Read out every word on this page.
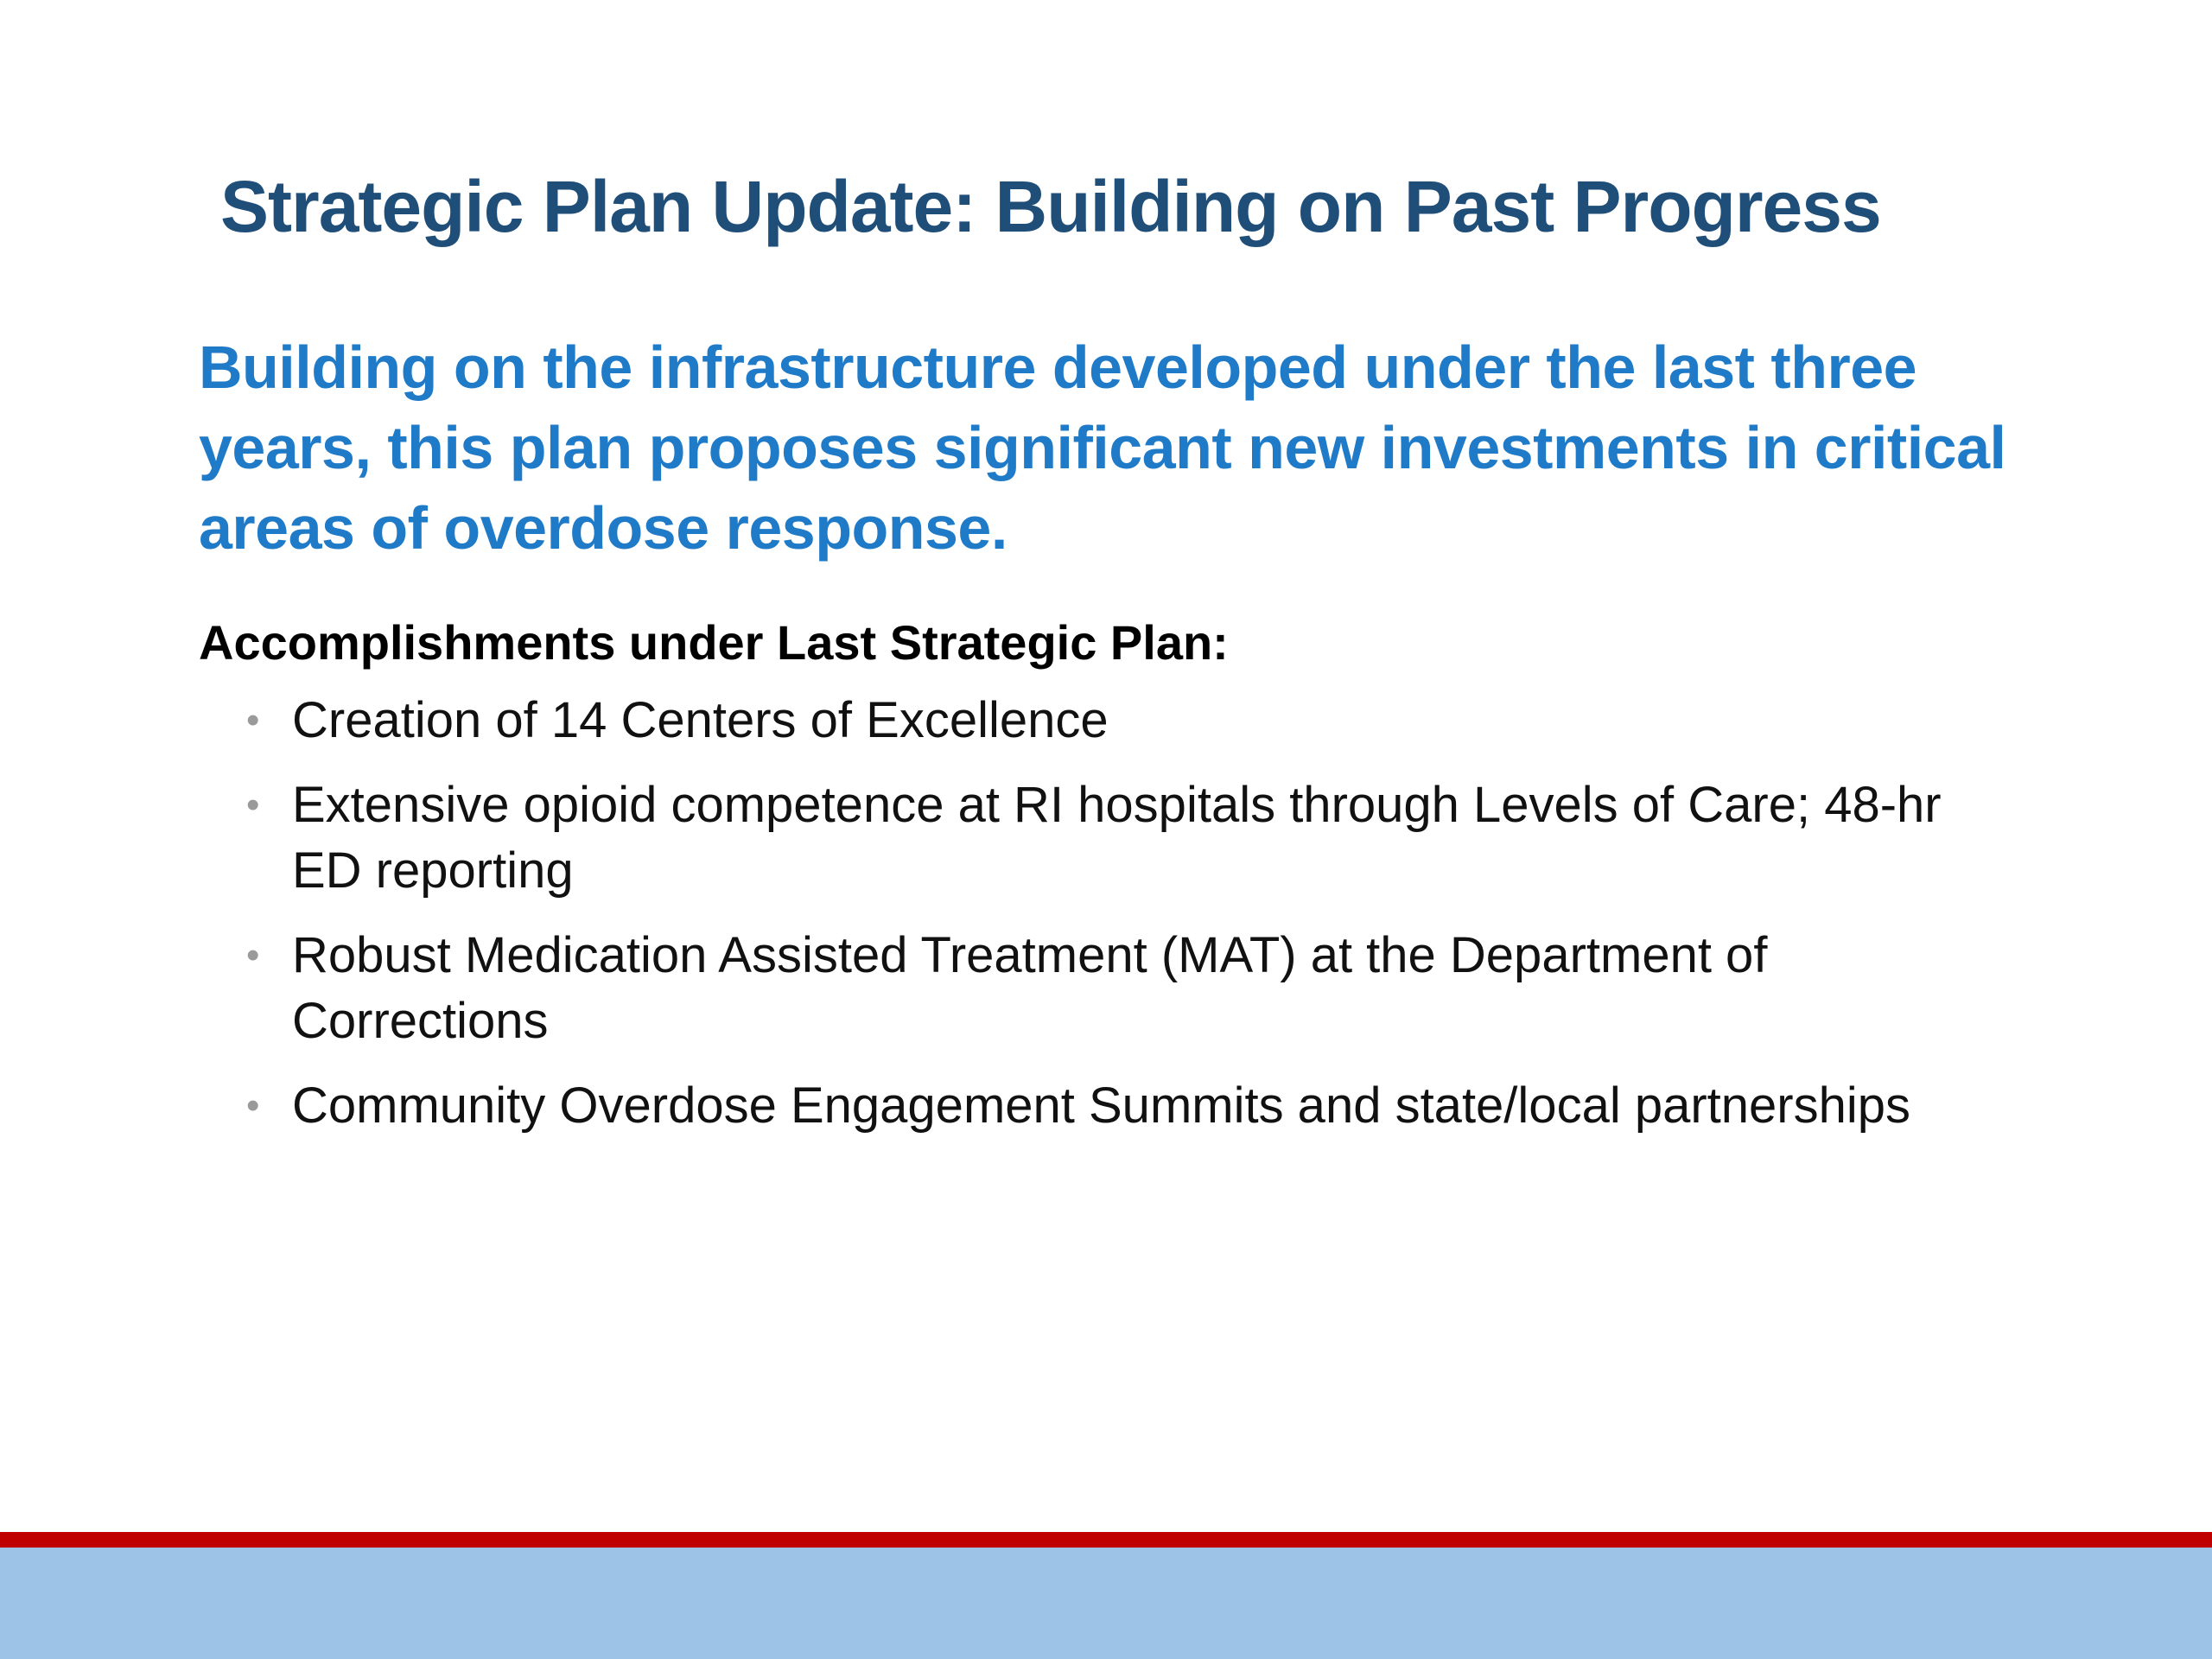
Strategic Plan Update: Building on Past Progress

Building on the infrastructure developed under the last three years, this plan proposes significant new investments in critical areas of overdose response.

Accomplishments under Last Strategic Plan:
• Creation of 14 Centers of Excellence
• Extensive opioid competence at RI hospitals through Levels of Care; 48-hr ED reporting
• Robust Medication Assisted Treatment (MAT) at the Department of Corrections
• Community Overdose Engagement Summits and state/local partnerships
